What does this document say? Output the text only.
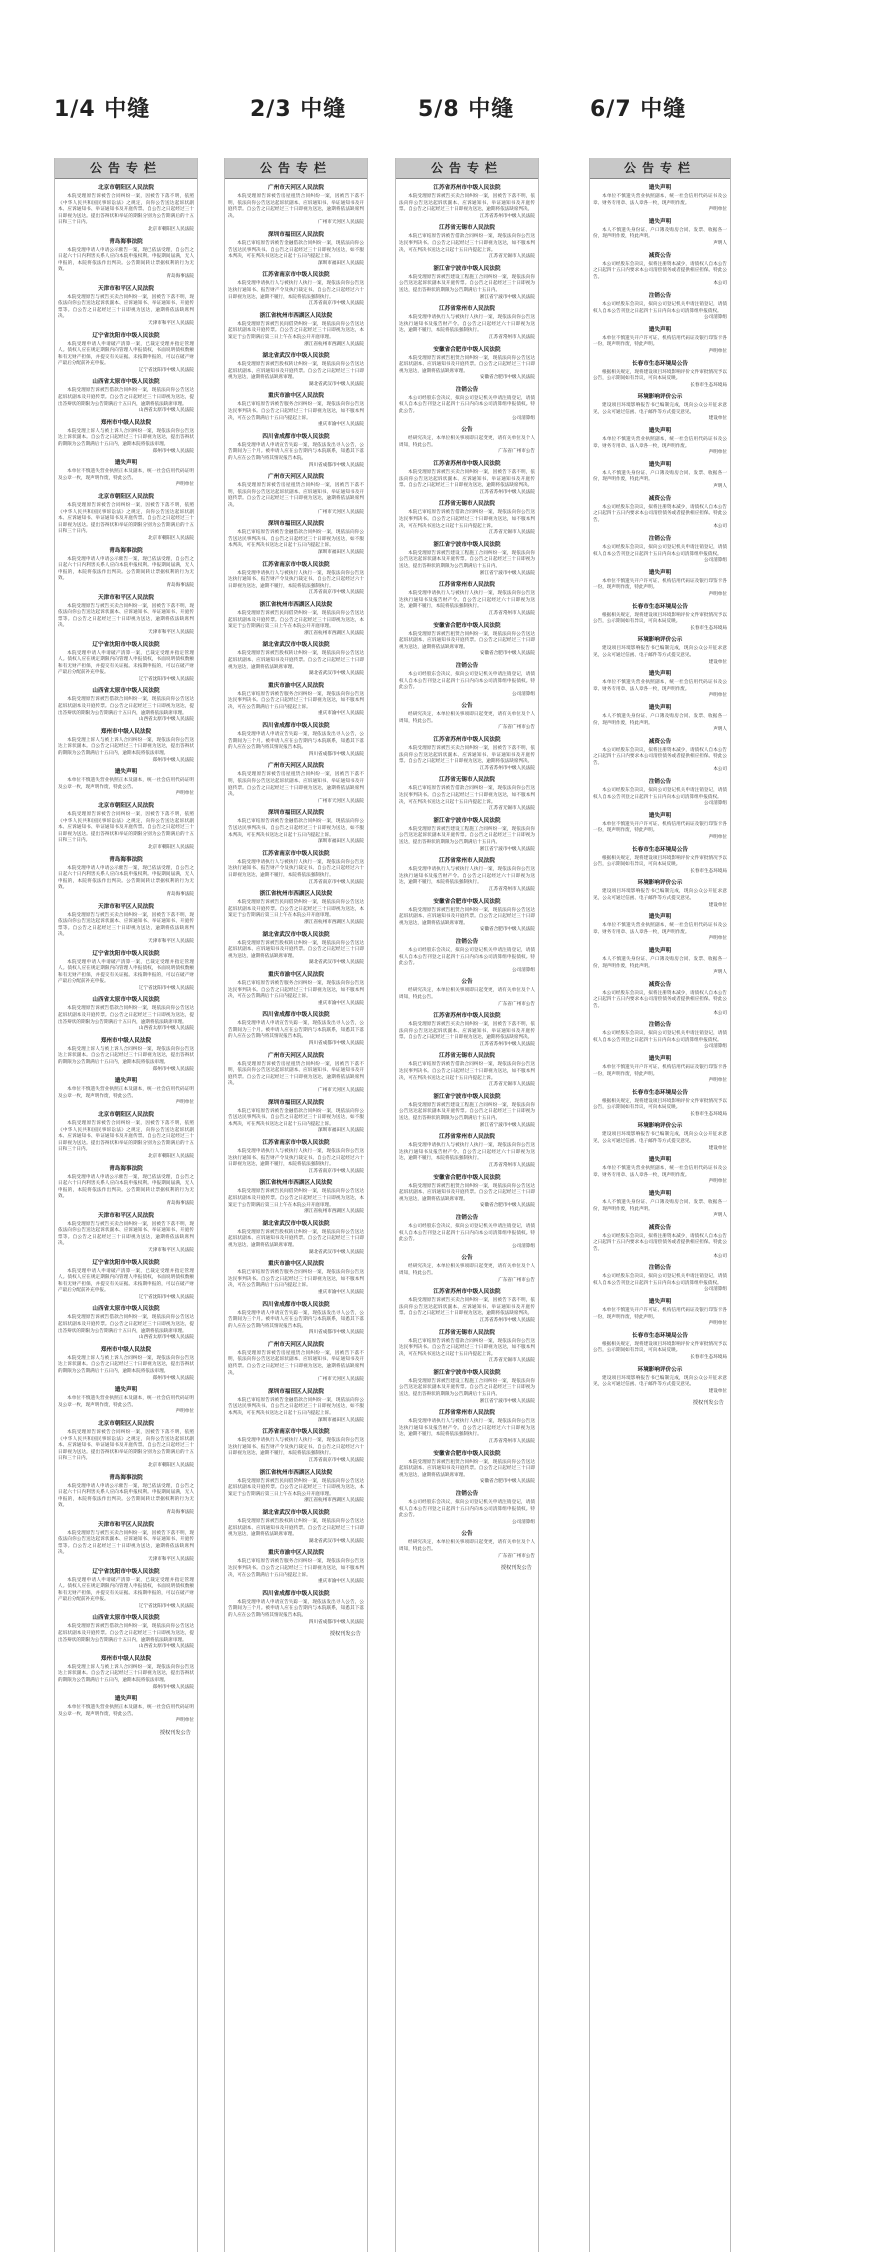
1/4 中缝	2/3 中缝	5/8 中缝	6/7 中缝
公告专栏
北京市朝阳区人民法院
本院受理原告诉被告合同纠纷一案，因被告下落不明，依照《中华人民共和国民事诉讼法》之规定，向你公告送达起诉状副本、应诉通知书、举证通知书及开庭传票。自公告之日起经过三十日即视为送达。提出答辩状和举证的期限分别为公告期满后的十五日和三十日内。
北京市朝阳区人民法院
青岛海事法院
本院受理申请人申请公示催告一案，现已依法受理，自公告之日起六十日内利害关系人应向本院申报权利。申报期间届满，无人申报的，本院将依法作出判决。公告期间转让票据权利的行为无效。
青岛海事法院
天津市和平区人民法院
本院受理原告与被告买卖合同纠纷一案，因被告下落不明，现依法向你公告送达起诉状副本、应诉通知书、举证通知书、开庭传票等。自公告之日起经过三十日即视为送达，逾期将依法缺席判决。
天津市和平区人民法院
辽宁省沈阳市中级人民法院
本院受理申请人申请破产清算一案，已裁定受理并指定管理人。债权人应在规定期限内向管理人申报债权，书面说明债权数额和有无财产担保，并提交有关证据。未按期申报的，可以在破产财产最后分配前补充申报。
辽宁省沈阳市中级人民法院
山西省太原市中级人民法院
本院受理原告诉被告借款合同纠纷一案，现依法向你公告送达起诉状副本及开庭传票。自公告之日起经过三十日即视为送达，提出答辩状的期限为公告期满后十五日内，逾期将依法缺席审理。
山西省太原市中级人民法院
郑州市中级人民法院
本院受理上诉人与被上诉人合同纠纷一案，现依法向你公告送达上诉状副本。自公告之日起经过三十日即视为送达，提出答辩状的期限为公告期满后十五日内，逾期本院将依法审理。
郑州市中级人民法院
遗失声明
本单位不慎遗失营业执照正本及副本，统一社会信用代码证明及公章一枚，现声明作废，特此公告。
声明单位
北京市朝阳区人民法院
本院受理原告诉被告合同纠纷一案，因被告下落不明，依照《中华人民共和国民事诉讼法》之规定，向你公告送达起诉状副本、应诉通知书、举证通知书及开庭传票。自公告之日起经过三十日即视为送达。提出答辩状和举证的期限分别为公告期满后的十五日和三十日内。
北京市朝阳区人民法院
青岛海事法院
本院受理申请人申请公示催告一案，现已依法受理，自公告之日起六十日内利害关系人应向本院申报权利。申报期间届满，无人申报的，本院将依法作出判决。公告期间转让票据权利的行为无效。
青岛海事法院
天津市和平区人民法院
本院受理原告与被告买卖合同纠纷一案，因被告下落不明，现依法向你公告送达起诉状副本、应诉通知书、举证通知书、开庭传票等。自公告之日起经过三十日即视为送达，逾期将依法缺席判决。
天津市和平区人民法院
辽宁省沈阳市中级人民法院
本院受理申请人申请破产清算一案，已裁定受理并指定管理人。债权人应在规定期限内向管理人申报债权，书面说明债权数额和有无财产担保，并提交有关证据。未按期申报的，可以在破产财产最后分配前补充申报。
辽宁省沈阳市中级人民法院
山西省太原市中级人民法院
本院受理原告诉被告借款合同纠纷一案，现依法向你公告送达起诉状副本及开庭传票。自公告之日起经过三十日即视为送达，提出答辩状的期限为公告期满后十五日内，逾期将依法缺席审理。
山西省太原市中级人民法院
郑州市中级人民法院
本院受理上诉人与被上诉人合同纠纷一案，现依法向你公告送达上诉状副本。自公告之日起经过三十日即视为送达，提出答辩状的期限为公告期满后十五日内，逾期本院将依法审理。
郑州市中级人民法院
遗失声明
本单位不慎遗失营业执照正本及副本，统一社会信用代码证明及公章一枚，现声明作废，特此公告。
声明单位
北京市朝阳区人民法院
本院受理原告诉被告合同纠纷一案，因被告下落不明，依照《中华人民共和国民事诉讼法》之规定，向你公告送达起诉状副本、应诉通知书、举证通知书及开庭传票。自公告之日起经过三十日即视为送达。提出答辩状和举证的期限分别为公告期满后的十五日和三十日内。
北京市朝阳区人民法院
青岛海事法院
本院受理申请人申请公示催告一案，现已依法受理，自公告之日起六十日内利害关系人应向本院申报权利。申报期间届满，无人申报的，本院将依法作出判决。公告期间转让票据权利的行为无效。
青岛海事法院
天津市和平区人民法院
本院受理原告与被告买卖合同纠纷一案，因被告下落不明，现依法向你公告送达起诉状副本、应诉通知书、举证通知书、开庭传票等。自公告之日起经过三十日即视为送达，逾期将依法缺席判决。
天津市和平区人民法院
辽宁省沈阳市中级人民法院
本院受理申请人申请破产清算一案，已裁定受理并指定管理人。债权人应在规定期限内向管理人申报债权，书面说明债权数额和有无财产担保，并提交有关证据。未按期申报的，可以在破产财产最后分配前补充申报。
辽宁省沈阳市中级人民法院
山西省太原市中级人民法院
本院受理原告诉被告借款合同纠纷一案，现依法向你公告送达起诉状副本及开庭传票。自公告之日起经过三十日即视为送达，提出答辩状的期限为公告期满后十五日内，逾期将依法缺席审理。
山西省太原市中级人民法院
郑州市中级人民法院
本院受理上诉人与被上诉人合同纠纷一案，现依法向你公告送达上诉状副本。自公告之日起经过三十日即视为送达，提出答辩状的期限为公告期满后十五日内，逾期本院将依法审理。
郑州市中级人民法院
遗失声明
本单位不慎遗失营业执照正本及副本，统一社会信用代码证明及公章一枚，现声明作废，特此公告。
声明单位
北京市朝阳区人民法院
本院受理原告诉被告合同纠纷一案，因被告下落不明，依照《中华人民共和国民事诉讼法》之规定，向你公告送达起诉状副本、应诉通知书、举证通知书及开庭传票。自公告之日起经过三十日即视为送达。提出答辩状和举证的期限分别为公告期满后的十五日和三十日内。
北京市朝阳区人民法院
青岛海事法院
本院受理申请人申请公示催告一案，现已依法受理，自公告之日起六十日内利害关系人应向本院申报权利。申报期间届满，无人申报的，本院将依法作出判决。公告期间转让票据权利的行为无效。
青岛海事法院
天津市和平区人民法院
本院受理原告与被告买卖合同纠纷一案，因被告下落不明，现依法向你公告送达起诉状副本、应诉通知书、举证通知书、开庭传票等。自公告之日起经过三十日即视为送达，逾期将依法缺席判决。
天津市和平区人民法院
辽宁省沈阳市中级人民法院
本院受理申请人申请破产清算一案，已裁定受理并指定管理人。债权人应在规定期限内向管理人申报债权，书面说明债权数额和有无财产担保，并提交有关证据。未按期申报的，可以在破产财产最后分配前补充申报。
辽宁省沈阳市中级人民法院
山西省太原市中级人民法院
本院受理原告诉被告借款合同纠纷一案，现依法向你公告送达起诉状副本及开庭传票。自公告之日起经过三十日即视为送达，提出答辩状的期限为公告期满后十五日内，逾期将依法缺席审理。
山西省太原市中级人民法院
郑州市中级人民法院
本院受理上诉人与被上诉人合同纠纷一案，现依法向你公告送达上诉状副本。自公告之日起经过三十日即视为送达，提出答辩状的期限为公告期满后十五日内，逾期本院将依法审理。
郑州市中级人民法院
遗失声明
本单位不慎遗失营业执照正本及副本，统一社会信用代码证明及公章一枚，现声明作废，特此公告。
声明单位
北京市朝阳区人民法院
本院受理原告诉被告合同纠纷一案，因被告下落不明，依照《中华人民共和国民事诉讼法》之规定，向你公告送达起诉状副本、应诉通知书、举证通知书及开庭传票。自公告之日起经过三十日即视为送达。提出答辩状和举证的期限分别为公告期满后的十五日和三十日内。
北京市朝阳区人民法院
青岛海事法院
本院受理申请人申请公示催告一案，现已依法受理，自公告之日起六十日内利害关系人应向本院申报权利。申报期间届满，无人申报的，本院将依法作出判决。公告期间转让票据权利的行为无效。
青岛海事法院
天津市和平区人民法院
本院受理原告与被告买卖合同纠纷一案，因被告下落不明，现依法向你公告送达起诉状副本、应诉通知书、举证通知书、开庭传票等。自公告之日起经过三十日即视为送达，逾期将依法缺席判决。
天津市和平区人民法院
辽宁省沈阳市中级人民法院
本院受理申请人申请破产清算一案，已裁定受理并指定管理人。债权人应在规定期限内向管理人申报债权，书面说明债权数额和有无财产担保，并提交有关证据。未按期申报的，可以在破产财产最后分配前补充申报。
辽宁省沈阳市中级人民法院
山西省太原市中级人民法院
本院受理原告诉被告借款合同纠纷一案，现依法向你公告送达起诉状副本及开庭传票。自公告之日起经过三十日即视为送达，提出答辩状的期限为公告期满后十五日内，逾期将依法缺席审理。
山西省太原市中级人民法院
郑州市中级人民法院
本院受理上诉人与被上诉人合同纠纷一案，现依法向你公告送达上诉状副本。自公告之日起经过三十日即视为送达，提出答辩状的期限为公告期满后十五日内，逾期本院将依法审理。
郑州市中级人民法院
遗失声明
本单位不慎遗失营业执照正本及副本，统一社会信用代码证明及公章一枚，现声明作废，特此公告。
声明单位
授权刊发公告
公告专栏
广州市天河区人民法院
本院受理原告诉被告房屋租赁合同纠纷一案，因被告下落不明，依法向你公告送达起诉状副本、应诉通知书、举证通知书及开庭传票。自公告之日起经过三十日即视为送达，逾期将依法缺席判决。
广州市天河区人民法院
深圳市福田区人民法院
本院已审结原告诉被告金融借款合同纠纷一案，现依法向你公告送达民事判决书。自公告之日起经过三十日即视为送达，如不服本判决，可在判决书送达之日起十五日内提起上诉。
深圳市福田区人民法院
江苏省南京市中级人民法院
本院受理申请执行人与被执行人执行一案，现依法向你公告送达执行通知书、报告财产令及执行裁定书。自公告之日起经过六十日即视为送达，逾期不履行，本院将依法强制执行。
江苏省南京市中级人民法院
浙江省杭州市西湖区人民法院
本院受理原告诉被告民间借贷纠纷一案，现依法向你公告送达起诉状副本及开庭传票。自公告之日起经过三十日即视为送达，本案定于公告期满后第三日上午在本院公开开庭审理。
浙江省杭州市西湖区人民法院
湖北省武汉市中级人民法院
本院受理原告诉被告股权转让纠纷一案，现依法向你公告送达起诉状副本、应诉通知书及开庭传票。自公告之日起经过三十日即视为送达，逾期将依法缺席审理。
湖北省武汉市中级人民法院
重庆市渝中区人民法院
本院已审结原告诉被告服务合同纠纷一案，现依法向你公告送达民事判决书。自公告之日起经过三十日即视为送达，如不服本判决，可在公告期满后十五日内提起上诉。
重庆市渝中区人民法院
四川省成都市中级人民法院
本院受理申请人申请宣告失踪一案，现依法发出寻人公告，公告期间为三个月。被申请人应在公告期内与本院联系，知悉其下落的人应在公告期内将其情况报告本院。
四川省成都市中级人民法院
广州市天河区人民法院
本院受理原告诉被告房屋租赁合同纠纷一案，因被告下落不明，依法向你公告送达起诉状副本、应诉通知书、举证通知书及开庭传票。自公告之日起经过三十日即视为送达，逾期将依法缺席判决。
广州市天河区人民法院
深圳市福田区人民法院
本院已审结原告诉被告金融借款合同纠纷一案，现依法向你公告送达民事判决书。自公告之日起经过三十日即视为送达，如不服本判决，可在判决书送达之日起十五日内提起上诉。
深圳市福田区人民法院
江苏省南京市中级人民法院
本院受理申请执行人与被执行人执行一案，现依法向你公告送达执行通知书、报告财产令及执行裁定书。自公告之日起经过六十日即视为送达，逾期不履行，本院将依法强制执行。
江苏省南京市中级人民法院
浙江省杭州市西湖区人民法院
本院受理原告诉被告民间借贷纠纷一案，现依法向你公告送达起诉状副本及开庭传票。自公告之日起经过三十日即视为送达，本案定于公告期满后第三日上午在本院公开开庭审理。
浙江省杭州市西湖区人民法院
湖北省武汉市中级人民法院
本院受理原告诉被告股权转让纠纷一案，现依法向你公告送达起诉状副本、应诉通知书及开庭传票。自公告之日起经过三十日即视为送达，逾期将依法缺席审理。
湖北省武汉市中级人民法院
重庆市渝中区人民法院
本院已审结原告诉被告服务合同纠纷一案，现依法向你公告送达民事判决书。自公告之日起经过三十日即视为送达，如不服本判决，可在公告期满后十五日内提起上诉。
重庆市渝中区人民法院
四川省成都市中级人民法院
本院受理申请人申请宣告失踪一案，现依法发出寻人公告，公告期间为三个月。被申请人应在公告期内与本院联系，知悉其下落的人应在公告期内将其情况报告本院。
四川省成都市中级人民法院
广州市天河区人民法院
本院受理原告诉被告房屋租赁合同纠纷一案，因被告下落不明，依法向你公告送达起诉状副本、应诉通知书、举证通知书及开庭传票。自公告之日起经过三十日即视为送达，逾期将依法缺席判决。
广州市天河区人民法院
深圳市福田区人民法院
本院已审结原告诉被告金融借款合同纠纷一案，现依法向你公告送达民事判决书。自公告之日起经过三十日即视为送达，如不服本判决，可在判决书送达之日起十五日内提起上诉。
深圳市福田区人民法院
江苏省南京市中级人民法院
本院受理申请执行人与被执行人执行一案，现依法向你公告送达执行通知书、报告财产令及执行裁定书。自公告之日起经过六十日即视为送达，逾期不履行，本院将依法强制执行。
江苏省南京市中级人民法院
浙江省杭州市西湖区人民法院
本院受理原告诉被告民间借贷纠纷一案，现依法向你公告送达起诉状副本及开庭传票。自公告之日起经过三十日即视为送达，本案定于公告期满后第三日上午在本院公开开庭审理。
浙江省杭州市西湖区人民法院
湖北省武汉市中级人民法院
本院受理原告诉被告股权转让纠纷一案，现依法向你公告送达起诉状副本、应诉通知书及开庭传票。自公告之日起经过三十日即视为送达，逾期将依法缺席审理。
湖北省武汉市中级人民法院
重庆市渝中区人民法院
本院已审结原告诉被告服务合同纠纷一案，现依法向你公告送达民事判决书。自公告之日起经过三十日即视为送达，如不服本判决，可在公告期满后十五日内提起上诉。
重庆市渝中区人民法院
四川省成都市中级人民法院
本院受理申请人申请宣告失踪一案，现依法发出寻人公告，公告期间为三个月。被申请人应在公告期内与本院联系，知悉其下落的人应在公告期内将其情况报告本院。
四川省成都市中级人民法院
广州市天河区人民法院
本院受理原告诉被告房屋租赁合同纠纷一案，因被告下落不明，依法向你公告送达起诉状副本、应诉通知书、举证通知书及开庭传票。自公告之日起经过三十日即视为送达，逾期将依法缺席判决。
广州市天河区人民法院
深圳市福田区人民法院
本院已审结原告诉被告金融借款合同纠纷一案，现依法向你公告送达民事判决书。自公告之日起经过三十日即视为送达，如不服本判决，可在判决书送达之日起十五日内提起上诉。
深圳市福田区人民法院
江苏省南京市中级人民法院
本院受理申请执行人与被执行人执行一案，现依法向你公告送达执行通知书、报告财产令及执行裁定书。自公告之日起经过六十日即视为送达，逾期不履行，本院将依法强制执行。
江苏省南京市中级人民法院
浙江省杭州市西湖区人民法院
本院受理原告诉被告民间借贷纠纷一案，现依法向你公告送达起诉状副本及开庭传票。自公告之日起经过三十日即视为送达，本案定于公告期满后第三日上午在本院公开开庭审理。
浙江省杭州市西湖区人民法院
湖北省武汉市中级人民法院
本院受理原告诉被告股权转让纠纷一案，现依法向你公告送达起诉状副本、应诉通知书及开庭传票。自公告之日起经过三十日即视为送达，逾期将依法缺席审理。
湖北省武汉市中级人民法院
重庆市渝中区人民法院
本院已审结原告诉被告服务合同纠纷一案，现依法向你公告送达民事判决书。自公告之日起经过三十日即视为送达，如不服本判决，可在公告期满后十五日内提起上诉。
重庆市渝中区人民法院
四川省成都市中级人民法院
本院受理申请人申请宣告失踪一案，现依法发出寻人公告，公告期间为三个月。被申请人应在公告期内与本院联系，知悉其下落的人应在公告期内将其情况报告本院。
四川省成都市中级人民法院
广州市天河区人民法院
本院受理原告诉被告房屋租赁合同纠纷一案，因被告下落不明，依法向你公告送达起诉状副本、应诉通知书、举证通知书及开庭传票。自公告之日起经过三十日即视为送达，逾期将依法缺席判决。
广州市天河区人民法院
深圳市福田区人民法院
本院已审结原告诉被告金融借款合同纠纷一案，现依法向你公告送达民事判决书。自公告之日起经过三十日即视为送达，如不服本判决，可在判决书送达之日起十五日内提起上诉。
深圳市福田区人民法院
江苏省南京市中级人民法院
本院受理申请执行人与被执行人执行一案，现依法向你公告送达执行通知书、报告财产令及执行裁定书。自公告之日起经过六十日即视为送达，逾期不履行，本院将依法强制执行。
江苏省南京市中级人民法院
浙江省杭州市西湖区人民法院
本院受理原告诉被告民间借贷纠纷一案，现依法向你公告送达起诉状副本及开庭传票。自公告之日起经过三十日即视为送达，本案定于公告期满后第三日上午在本院公开开庭审理。
浙江省杭州市西湖区人民法院
湖北省武汉市中级人民法院
本院受理原告诉被告股权转让纠纷一案，现依法向你公告送达起诉状副本、应诉通知书及开庭传票。自公告之日起经过三十日即视为送达，逾期将依法缺席审理。
湖北省武汉市中级人民法院
重庆市渝中区人民法院
本院已审结原告诉被告服务合同纠纷一案，现依法向你公告送达民事判决书。自公告之日起经过三十日即视为送达，如不服本判决，可在公告期满后十五日内提起上诉。
重庆市渝中区人民法院
四川省成都市中级人民法院
本院受理申请人申请宣告失踪一案，现依法发出寻人公告，公告期间为三个月。被申请人应在公告期内与本院联系，知悉其下落的人应在公告期内将其情况报告本院。
四川省成都市中级人民法院
授权刊发公告
公告专栏
江苏省苏州市中级人民法院
本院受理原告诉被告买卖合同纠纷一案，因被告下落不明，依法向你公告送达起诉状副本、应诉通知书、举证通知书及开庭传票。自公告之日起经过三十日即视为送达，逾期将依法缺席判决。
江苏省苏州市中级人民法院
江苏省无锡市人民法院
本院已审结原告诉被告借款合同纠纷一案，现依法向你公告送达民事判决书。自公告之日起经过三十日即视为送达，如不服本判决，可在判决书送达之日起十五日内提起上诉。
江苏省无锡市人民法院
浙江省宁波市中级人民法院
本院受理原告诉被告建设工程施工合同纠纷一案，现依法向你公告送达起诉状副本及开庭传票。自公告之日起经过三十日即视为送达，提出答辩状的期限为公告期满后十五日内。
浙江省宁波市中级人民法院
江苏省常州市人民法院
本院受理申请执行人与被执行人执行一案，现依法向你公告送达执行通知书及报告财产令。自公告之日起经过六十日即视为送达，逾期不履行，本院将依法强制执行。
江苏省常州市人民法院
安徽省合肥市中级人民法院
本院受理原告诉被告租赁合同纠纷一案，现依法向你公告送达起诉状副本、应诉通知书及开庭传票。自公告之日起经过三十日即视为送达，逾期将依法缺席审理。
安徽省合肥市中级人民法院
注销公告
本公司经股东会决议，拟向公司登记机关申请注销登记，请债权人自本公告刊登之日起四十五日内向本公司清算组申报债权。特此公告。
公司清算组
公告
经研究决定，本单位相关事项即日起变更，请有关单位及个人周知，特此公告。
广东省广州市公告
江苏省苏州市中级人民法院
本院受理原告诉被告买卖合同纠纷一案，因被告下落不明，依法向你公告送达起诉状副本、应诉通知书、举证通知书及开庭传票。自公告之日起经过三十日即视为送达，逾期将依法缺席判决。
江苏省苏州市中级人民法院
江苏省无锡市人民法院
本院已审结原告诉被告借款合同纠纷一案，现依法向你公告送达民事判决书。自公告之日起经过三十日即视为送达，如不服本判决，可在判决书送达之日起十五日内提起上诉。
江苏省无锡市人民法院
浙江省宁波市中级人民法院
本院受理原告诉被告建设工程施工合同纠纷一案，现依法向你公告送达起诉状副本及开庭传票。自公告之日起经过三十日即视为送达，提出答辩状的期限为公告期满后十五日内。
浙江省宁波市中级人民法院
江苏省常州市人民法院
本院受理申请执行人与被执行人执行一案，现依法向你公告送达执行通知书及报告财产令。自公告之日起经过六十日即视为送达，逾期不履行，本院将依法强制执行。
江苏省常州市人民法院
安徽省合肥市中级人民法院
本院受理原告诉被告租赁合同纠纷一案，现依法向你公告送达起诉状副本、应诉通知书及开庭传票。自公告之日起经过三十日即视为送达，逾期将依法缺席审理。
安徽省合肥市中级人民法院
注销公告
本公司经股东会决议，拟向公司登记机关申请注销登记，请债权人自本公告刊登之日起四十五日内向本公司清算组申报债权。特此公告。
公司清算组
公告
经研究决定，本单位相关事项即日起变更，请有关单位及个人周知，特此公告。
广东省广州市公告
江苏省苏州市中级人民法院
本院受理原告诉被告买卖合同纠纷一案，因被告下落不明，依法向你公告送达起诉状副本、应诉通知书、举证通知书及开庭传票。自公告之日起经过三十日即视为送达，逾期将依法缺席判决。
江苏省苏州市中级人民法院
江苏省无锡市人民法院
本院已审结原告诉被告借款合同纠纷一案，现依法向你公告送达民事判决书。自公告之日起经过三十日即视为送达，如不服本判决，可在判决书送达之日起十五日内提起上诉。
江苏省无锡市人民法院
浙江省宁波市中级人民法院
本院受理原告诉被告建设工程施工合同纠纷一案，现依法向你公告送达起诉状副本及开庭传票。自公告之日起经过三十日即视为送达，提出答辩状的期限为公告期满后十五日内。
浙江省宁波市中级人民法院
江苏省常州市人民法院
本院受理申请执行人与被执行人执行一案，现依法向你公告送达执行通知书及报告财产令。自公告之日起经过六十日即视为送达，逾期不履行，本院将依法强制执行。
江苏省常州市人民法院
安徽省合肥市中级人民法院
本院受理原告诉被告租赁合同纠纷一案，现依法向你公告送达起诉状副本、应诉通知书及开庭传票。自公告之日起经过三十日即视为送达，逾期将依法缺席审理。
安徽省合肥市中级人民法院
注销公告
本公司经股东会决议，拟向公司登记机关申请注销登记，请债权人自本公告刊登之日起四十五日内向本公司清算组申报债权。特此公告。
公司清算组
公告
经研究决定，本单位相关事项即日起变更，请有关单位及个人周知，特此公告。
广东省广州市公告
江苏省苏州市中级人民法院
本院受理原告诉被告买卖合同纠纷一案，因被告下落不明，依法向你公告送达起诉状副本、应诉通知书、举证通知书及开庭传票。自公告之日起经过三十日即视为送达，逾期将依法缺席判决。
江苏省苏州市中级人民法院
江苏省无锡市人民法院
本院已审结原告诉被告借款合同纠纷一案，现依法向你公告送达民事判决书。自公告之日起经过三十日即视为送达，如不服本判决，可在判决书送达之日起十五日内提起上诉。
江苏省无锡市人民法院
浙江省宁波市中级人民法院
本院受理原告诉被告建设工程施工合同纠纷一案，现依法向你公告送达起诉状副本及开庭传票。自公告之日起经过三十日即视为送达，提出答辩状的期限为公告期满后十五日内。
浙江省宁波市中级人民法院
江苏省常州市人民法院
本院受理申请执行人与被执行人执行一案，现依法向你公告送达执行通知书及报告财产令。自公告之日起经过六十日即视为送达，逾期不履行，本院将依法强制执行。
江苏省常州市人民法院
安徽省合肥市中级人民法院
本院受理原告诉被告租赁合同纠纷一案，现依法向你公告送达起诉状副本、应诉通知书及开庭传票。自公告之日起经过三十日即视为送达，逾期将依法缺席审理。
安徽省合肥市中级人民法院
注销公告
本公司经股东会决议，拟向公司登记机关申请注销登记，请债权人自本公告刊登之日起四十五日内向本公司清算组申报债权。特此公告。
公司清算组
公告
经研究决定，本单位相关事项即日起变更，请有关单位及个人周知，特此公告。
广东省广州市公告
江苏省苏州市中级人民法院
本院受理原告诉被告买卖合同纠纷一案，因被告下落不明，依法向你公告送达起诉状副本、应诉通知书、举证通知书及开庭传票。自公告之日起经过三十日即视为送达，逾期将依法缺席判决。
江苏省苏州市中级人民法院
江苏省无锡市人民法院
本院已审结原告诉被告借款合同纠纷一案，现依法向你公告送达民事判决书。自公告之日起经过三十日即视为送达，如不服本判决，可在判决书送达之日起十五日内提起上诉。
江苏省无锡市人民法院
浙江省宁波市中级人民法院
本院受理原告诉被告建设工程施工合同纠纷一案，现依法向你公告送达起诉状副本及开庭传票。自公告之日起经过三十日即视为送达，提出答辩状的期限为公告期满后十五日内。
浙江省宁波市中级人民法院
江苏省常州市人民法院
本院受理申请执行人与被执行人执行一案，现依法向你公告送达执行通知书及报告财产令。自公告之日起经过六十日即视为送达，逾期不履行，本院将依法强制执行。
江苏省常州市人民法院
安徽省合肥市中级人民法院
本院受理原告诉被告租赁合同纠纷一案，现依法向你公告送达起诉状副本、应诉通知书及开庭传票。自公告之日起经过三十日即视为送达，逾期将依法缺席审理。
安徽省合肥市中级人民法院
注销公告
本公司经股东会决议，拟向公司登记机关申请注销登记，请债权人自本公告刊登之日起四十五日内向本公司清算组申报债权。特此公告。
公司清算组
公告
经研究决定，本单位相关事项即日起变更，请有关单位及个人周知，特此公告。
广东省广州市公告
授权刊发公告
公告专栏
遗失声明
本单位不慎遗失营业执照副本，统一社会信用代码证书及公章、财务专用章、法人章各一枚，现声明作废。
声明单位
遗失声明
本人不慎遗失身份证、户口簿及购房合同、发票、收据各一份，现声明作废，特此声明。
声明人
减资公告
本公司经股东会决议，拟将注册资本减少，请债权人自本公告之日起四十五日内要求本公司清偿债务或者提供相应担保。特此公告。
本公司
注销公告
本公司经股东会决议，拟向公司登记机关申请注销登记，请债权人自本公告刊登之日起四十五日内向本公司清算组申报债权。
公司清算组
遗失声明
本单位不慎遗失开户许可证、机构信用代码证及银行印鉴卡各一份，现声明作废，特此声明。
声明单位
长春市生态环境局公告
根据相关规定，现将建设项目环境影响评价文件审批情况予以公告，公示期间如有异议，可向本局反映。
长春市生态环境局
环境影响评价公示
建设项目环境影响报告书已编制完成，现向公众公开征求意见，公众可通过信函、电子邮件等方式提交意见。
建设单位
遗失声明
本单位不慎遗失营业执照副本，统一社会信用代码证书及公章、财务专用章、法人章各一枚，现声明作废。
声明单位
遗失声明
本人不慎遗失身份证、户口簿及购房合同、发票、收据各一份，现声明作废，特此声明。
声明人
减资公告
本公司经股东会决议，拟将注册资本减少，请债权人自本公告之日起四十五日内要求本公司清偿债务或者提供相应担保。特此公告。
本公司
注销公告
本公司经股东会决议，拟向公司登记机关申请注销登记，请债权人自本公告刊登之日起四十五日内向本公司清算组申报债权。
公司清算组
遗失声明
本单位不慎遗失开户许可证、机构信用代码证及银行印鉴卡各一份，现声明作废，特此声明。
声明单位
长春市生态环境局公告
根据相关规定，现将建设项目环境影响评价文件审批情况予以公告，公示期间如有异议，可向本局反映。
长春市生态环境局
环境影响评价公示
建设项目环境影响报告书已编制完成，现向公众公开征求意见，公众可通过信函、电子邮件等方式提交意见。
建设单位
遗失声明
本单位不慎遗失营业执照副本，统一社会信用代码证书及公章、财务专用章、法人章各一枚，现声明作废。
声明单位
遗失声明
本人不慎遗失身份证、户口簿及购房合同、发票、收据各一份，现声明作废，特此声明。
声明人
减资公告
本公司经股东会决议，拟将注册资本减少，请债权人自本公告之日起四十五日内要求本公司清偿债务或者提供相应担保。特此公告。
本公司
注销公告
本公司经股东会决议，拟向公司登记机关申请注销登记，请债权人自本公告刊登之日起四十五日内向本公司清算组申报债权。
公司清算组
遗失声明
本单位不慎遗失开户许可证、机构信用代码证及银行印鉴卡各一份，现声明作废，特此声明。
声明单位
长春市生态环境局公告
根据相关规定，现将建设项目环境影响评价文件审批情况予以公告，公示期间如有异议，可向本局反映。
长春市生态环境局
环境影响评价公示
建设项目环境影响报告书已编制完成，现向公众公开征求意见，公众可通过信函、电子邮件等方式提交意见。
建设单位
遗失声明
本单位不慎遗失营业执照副本，统一社会信用代码证书及公章、财务专用章、法人章各一枚，现声明作废。
声明单位
遗失声明
本人不慎遗失身份证、户口簿及购房合同、发票、收据各一份，现声明作废，特此声明。
声明人
减资公告
本公司经股东会决议，拟将注册资本减少，请债权人自本公告之日起四十五日内要求本公司清偿债务或者提供相应担保。特此公告。
本公司
注销公告
本公司经股东会决议，拟向公司登记机关申请注销登记，请债权人自本公告刊登之日起四十五日内向本公司清算组申报债权。
公司清算组
遗失声明
本单位不慎遗失开户许可证、机构信用代码证及银行印鉴卡各一份，现声明作废，特此声明。
声明单位
长春市生态环境局公告
根据相关规定，现将建设项目环境影响评价文件审批情况予以公告，公示期间如有异议，可向本局反映。
长春市生态环境局
环境影响评价公示
建设项目环境影响报告书已编制完成，现向公众公开征求意见，公众可通过信函、电子邮件等方式提交意见。
建设单位
遗失声明
本单位不慎遗失营业执照副本，统一社会信用代码证书及公章、财务专用章、法人章各一枚，现声明作废。
声明单位
遗失声明
本人不慎遗失身份证、户口簿及购房合同、发票、收据各一份，现声明作废，特此声明。
声明人
减资公告
本公司经股东会决议，拟将注册资本减少，请债权人自本公告之日起四十五日内要求本公司清偿债务或者提供相应担保。特此公告。
本公司
注销公告
本公司经股东会决议，拟向公司登记机关申请注销登记，请债权人自本公告刊登之日起四十五日内向本公司清算组申报债权。
公司清算组
遗失声明
本单位不慎遗失开户许可证、机构信用代码证及银行印鉴卡各一份，现声明作废，特此声明。
声明单位
长春市生态环境局公告
根据相关规定，现将建设项目环境影响评价文件审批情况予以公告，公示期间如有异议，可向本局反映。
长春市生态环境局
环境影响评价公示
建设项目环境影响报告书已编制完成，现向公众公开征求意见，公众可通过信函、电子邮件等方式提交意见。
建设单位
授权刊发公告
